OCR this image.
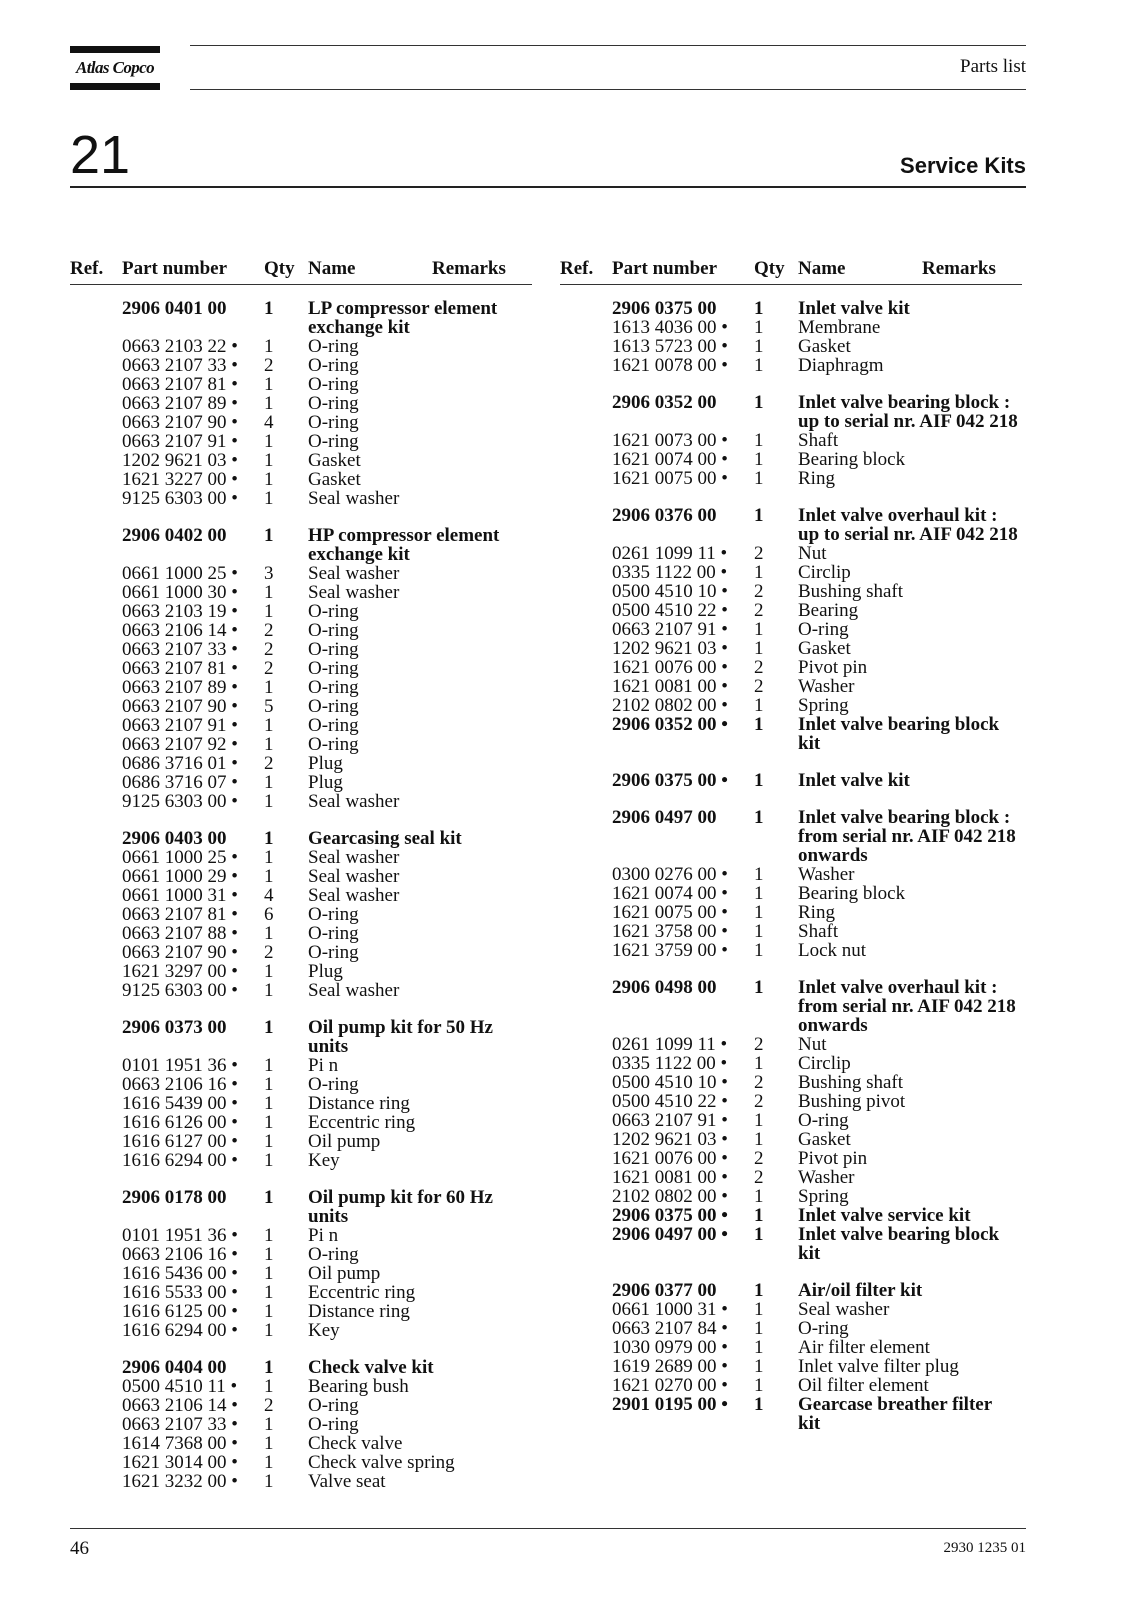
Atlas Copco	Parts list
21	Service Kits
Ref. Part number Qty Name	Remarks
2906 0401 00 1 LP compressor element exchange kit
0663 2103 22 • 1 O-ring
0663 2107 33 • 2 O-ring
0663 2107 81 • 1 O-ring
0663 2107 89 • 1 O-ring
0663 2107 90 • 4 O-ring
0663 2107 91 • 1 O-ring
1202 9621 03 • 1 Gasket
1621 3227 00 • 1 Gasket
9125 6303 00 • 1 Seal washer
2906 0402 00 1 HP compressor element exchange kit
0661 1000 25 • 3 Seal washer
0661 1000 30 • 1 Seal washer
0663 2103 19 • 1 O-ring
0663 2106 14 • 2 O-ring
0663 2107 33 • 2 O-ring
0663 2107 81 • 2 O-ring
0663 2107 89 • 1 O-ring
0663 2107 90 • 5 O-ring
0663 2107 91 • 1 O-ring
0663 2107 92 • 1 O-ring
0686 3716 01 • 2 Plug
0686 3716 07 • 1 Plug
9125 6303 00 • 1 Seal washer
2906 0403 00 1 Gearcasing seal kit
0661 1000 25 • 1 Seal washer
0661 1000 29 • 1 Seal washer
0661 1000 31 • 4 Seal washer
0663 2107 81 • 6 O-ring
0663 2107 88 • 1 O-ring
0663 2107 90 • 2 O-ring
1621 3297 00 • 1 Plug
9125 6303 00 • 1 Seal washer
2906 0373 00 1 Oil pump kit for 50 Hz units
0101 1951 36 • 1 Pi n
0663 2106 16 • 1 O-ring
1616 5439 00 • 1 Distance ring
1616 6126 00 • 1 Eccentric ring
1616 6127 00 • 1 Oil pump
1616 6294 00 • 1 Key
2906 0178 00 1 Oil pump kit for 60 Hz units
0101 1951 36 • 1 Pi n
0663 2106 16 • 1 O-ring
1616 5436 00 • 1 Oil pump
1616 5533 00 • 1 Eccentric ring
1616 6125 00 • 1 Distance ring
1616 6294 00 • 1 Key
2906 0404 00 1 Check valve kit
0500 4510 11 • 1 Bearing bush
0663 2106 14 • 2 O-ring
0663 2107 33 • 1 O-ring
1614 7368 00 • 1 Check valve
1621 3014 00 • 1 Check valve spring
1621 3232 00 • 1 Valve seat
Ref. Part number Qty Name	Remarks
2906 0375 00 1 Inlet valve kit
1613 4036 00 • 1 Membrane
1613 5723 00 • 1 Gasket
1621 0078 00 • 1 Diaphragm
2906 0352 00 1 Inlet valve bearing block : up to serial nr. AIF 042 218
1621 0073 00 • 1 Shaft
1621 0074 00 • 1 Bearing block
1621 0075 00 • 1 Ring
2906 0376 00 1 Inlet valve overhaul kit : up to serial nr. AIF 042 218
0261 1099 11 • 2 Nut
0335 1122 00 • 1 Circlip
0500 4510 10 • 2 Bushing shaft
0500 4510 22 • 2 Bearing
0663 2107 91 • 1 O-ring
1202 9621 03 • 1 Gasket
1621 0076 00 • 2 Pivot pin
1621 0081 00 • 2 Washer
2102 0802 00 • 1 Spring
2906 0352 00 • 1 Inlet valve bearing block kit
2906 0375 00 • 1 Inlet valve kit
2906 0497 00 1 Inlet valve bearing block : from serial nr. AIF 042 218 onwards
0300 0276 00 • 1 Washer
1621 0074 00 • 1 Bearing block
1621 0075 00 • 1 Ring
1621 3758 00 • 1 Shaft
1621 3759 00 • 1 Lock nut
2906 0498 00 1 Inlet valve overhaul kit : from serial nr. AIF 042 218 onwards
0261 1099 11 • 2 Nut
0335 1122 00 • 1 Circlip
0500 4510 10 • 2 Bushing shaft
0500 4510 22 • 2 Bushing pivot
0663 2107 91 • 1 O-ring
1202 9621 03 • 1 Gasket
1621 0076 00 • 2 Pivot pin
1621 0081 00 • 2 Washer
2102 0802 00 • 1 Spring
2906 0375 00 • 1 Inlet valve service kit
2906 0497 00 • 1 Inlet valve bearing block kit
2906 0377 00 1 Air/oil filter kit
0661 1000 31 • 1 Seal washer
0663 2107 84 • 1 O-ring
1030 0979 00 • 1 Air filter element
1619 2689 00 • 1 Inlet valve filter plug
1621 0270 00 • 1 Oil filter element
2901 0195 00 • 1 Gearcase breather filter kit
46	2930 1235 01
